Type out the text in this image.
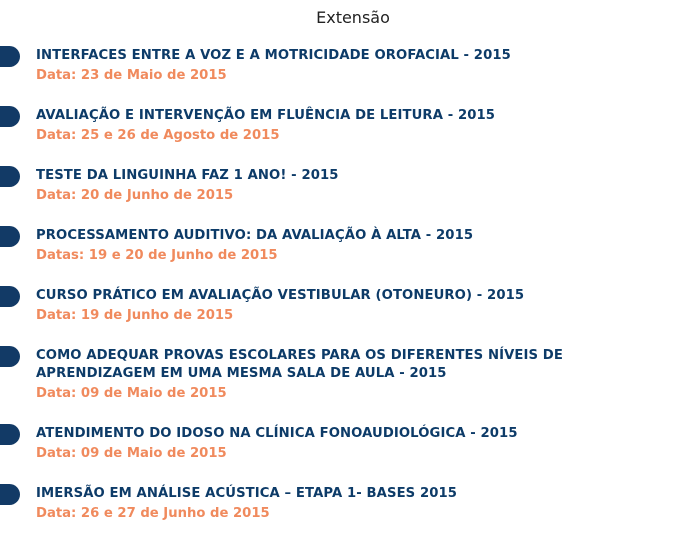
Extensão
INTERFACES ENTRE A VOZ E A MOTRICIDADE OROFACIAL - 2015
Data: 23 de Maio de 2015
AVALIAÇÃO E INTERVENÇÃO EM FLUÊNCIA DE LEITURA - 2015
Data: 25 e 26 de Agosto de 2015
TESTE DA LINGUINHA FAZ 1 ANO! - 2015
Data: 20 de Junho de 2015
PROCESSAMENTO AUDITIVO: DA AVALIAÇÃO À ALTA - 2015
Datas: 19 e 20 de Junho de 2015
CURSO PRÁTICO EM AVALIAÇÃO VESTIBULAR (OTONEURO) - 2015
Data: 19 de Junho de 2015
COMO ADEQUAR PROVAS ESCOLARES PARA OS DIFERENTES NÍVEIS DE APRENDIZAGEM EM UMA MESMA SALA DE AULA - 2015
Data: 09 de Maio de 2015
ATENDIMENTO DO IDOSO NA CLÍNICA FONOAUDIOLÓGICA - 2015
Data: 09 de Maio de 2015
IMERSÃO EM ANÁLISE ACÚSTICA – ETAPA 1- BASES 2015
Data: 26 e 27 de Junho de 2015
